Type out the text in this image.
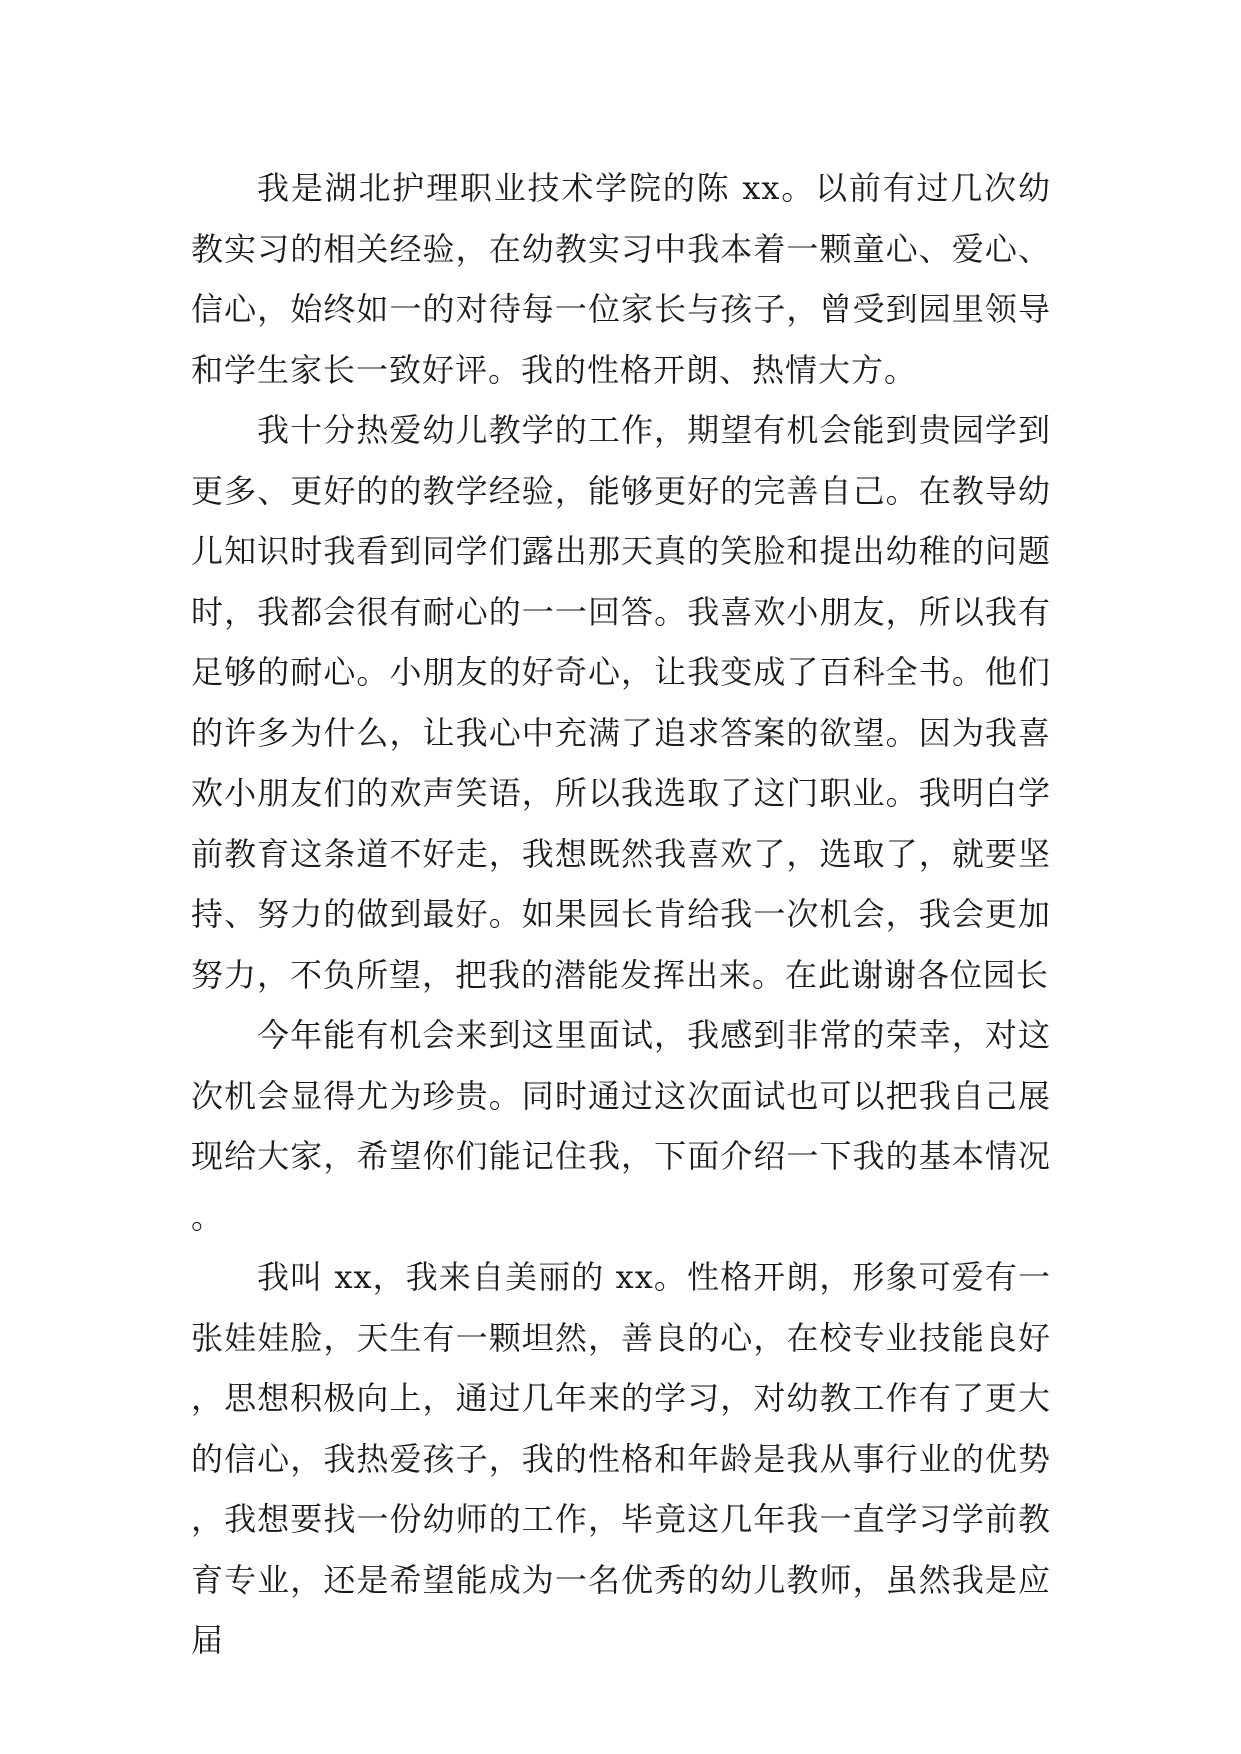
我是湖北护理职业技术学院的陈 xx。以前有过几次幼教实习的相关经验，在幼教实习中我本着一颗童心、爱心、信心，始终如一的对待每一位家长与孩子，曾受到园里领导和学生家长一致好评。我的性格开朗、热情大方。

我十分热爱幼儿教学的工作，期望有机会能到贵园学到更多、更好的的教学经验，能够更好的完善自己。在教导幼儿知识时我看到同学们露出那天真的笑脸和提出幼稚的问题时，我都会很有耐心的一一回答。我喜欢小朋友，所以我有足够的耐心。小朋友的好奇心，让我变成了百科全书。他们的许多为什么，让我心中充满了追求答案的欲望。因为我喜欢小朋友们的欢声笑语，所以我选取了这门职业。我明白学前教育这条道不好走，我想既然我喜欢了，选取了，就要坚持、努力的做到最好。如果园长肯给我一次机会，我会更加努力，不负所望，把我的潜能发挥出来。在此谢谢各位园长

今年能有机会来到这里面试，我感到非常的荣幸，对这次机会显得尤为珍贵。同时通过这次面试也可以把我自己展现给大家，希望你们能记住我，下面介绍一下我的基本情况。

我叫 xx，我来自美丽的 xx。性格开朗，形象可爱有一张娃娃脸，天生有一颗坦然，善良的心，在校专业技能良好，思想积极向上，通过几年来的学习，对幼教工作有了更大的信心，我热爱孩子，我的性格和年龄是我从事行业的优势，我想要找一份幼师的工作，毕竟这几年我一直学习学前教育专业，还是希望能成为一名优秀的幼儿教师，虽然我是应届
